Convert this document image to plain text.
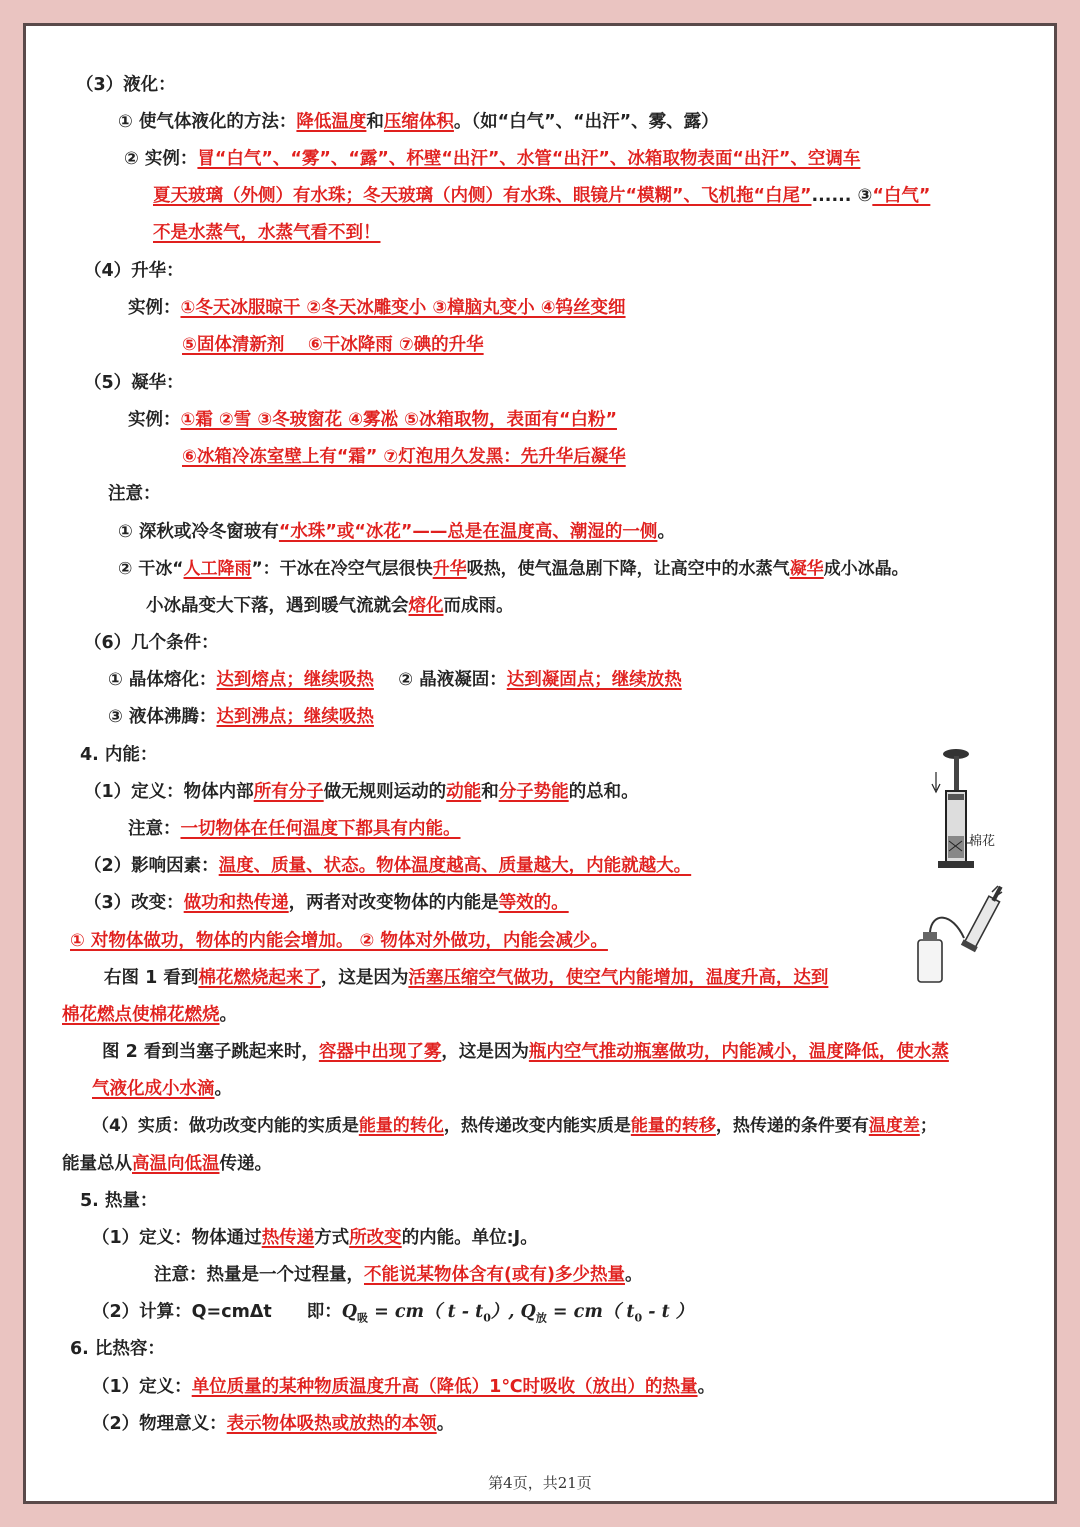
（3）液化：
① 使气体液化的方法：降低温度和压缩体积。（如“白气”、“出汗”、雾、露）
② 实例：冒“白气”、“雾”、“露”、杯壁“出汗”、水管“出汗”、冰箱取物表面“出汗”、空调车
夏天玻璃（外侧）有水珠；冬天玻璃（内侧）有水珠、眼镜片“模糊”、飞机拖“白尾”...... ③“白气”
不是水蒸气，水蒸气看不到！
（4）升华：
实例：①冬天冰服晾干 ②冬天冰雕变小 ③樟脑丸变小 ④钨丝变细
⑤固体清新剂　 ⑥干冰降雨 ⑦碘的升华
（5）凝华：
实例：①霜 ②雪 ③冬玻窗花 ④雾凇 ⑤冰箱取物，表面有“白粉”
⑥冰箱冷冻室壁上有“霜” ⑦灯泡用久发黑：先升华后凝华
注意：
① 深秋或冷冬窗玻有“水珠”或“冰花”——总是在温度高、潮湿的一侧。
② 干冰“人工降雨”：干冰在冷空气层很快升华吸热，使气温急剧下降，让高空中的水蒸气凝华成小冰晶。
小冰晶变大下落，遇到暖气流就会熔化而成雨。
（6）几个条件：
① 晶体熔化：达到熔点；继续吸热 ② 晶液凝固：达到凝固点；继续放热
③ 液体沸腾：达到沸点；继续吸热
4. 内能：
（1）定义：物体内部所有分子做无规则运动的动能和分子势能的总和。
注意：一切物体在任何温度下都具有内能。
（2）影响因素：温度、质量、状态。物体温度越高、质量越大，内能就越大。
（3）改变：做功和热传递，两者对改变物体的内能是等效的。
① 对物体做功，物体的内能会增加。 ② 物体对外做功，内能会减少。
右图 1 看到棉花燃烧起来了，这是因为活塞压缩空气做功，使空气内能增加，温度升高，达到
棉花燃点使棉花燃烧。
图 2 看到当塞子跳起来时，容器中出现了雾，这是因为瓶内空气推动瓶塞做功，内能减小，温度降低，使水蒸
气液化成小水滴。
（4）实质：做功改变内能的实质是能量的转化，热传递改变内能实质是能量的转移，热传递的条件要有温度差；
能量总从高温向低温传递。
5. 热量：
（1）定义：物体通过热传递方式所改变的内能。单位:J。
注意：热量是一个过程量，不能说某物体含有(或有)多少热量。
（2）计算：Q=cmΔt　　即：$Q_吸 = cm$（ t - $t_0$）, $Q_放 = cm$（ $t_0$ - t ）
6. 比热容：
（1）定义：单位质量的某种物质温度升高（降低）1℃时吸收（放出）的热量。
（2）物理意义：表示物体吸热或放热的本领。
棉花
第4页，共21页
